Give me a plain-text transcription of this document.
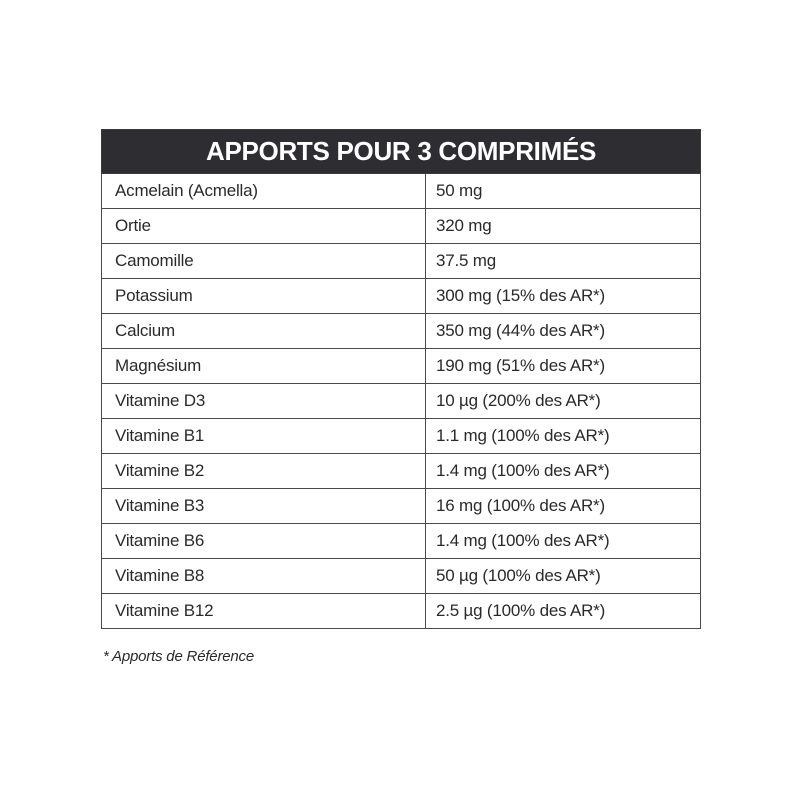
APPORTS POUR 3 COMPRIMÉS	
Acmelain (Acmella)	50 mg
Ortie	320 mg
Camomille	37.5 mg
Potassium	300 mg (15% des AR*)
Calcium	350 mg (44% des AR*)
Magnésium	190 mg (51% des AR*)
Vitamine D3	10 µg (200% des AR*)
Vitamine B1	1.1 mg (100% des AR*)
Vitamine B2	1.4 mg (100% des AR*)
Vitamine B3	16 mg (100% des AR*)
Vitamine B6	1.4 mg (100% des AR*)
Vitamine B8	50 µg (100% des AR*)
Vitamine B12	2.5 µg (100% des AR*)
* Apports de Référence
